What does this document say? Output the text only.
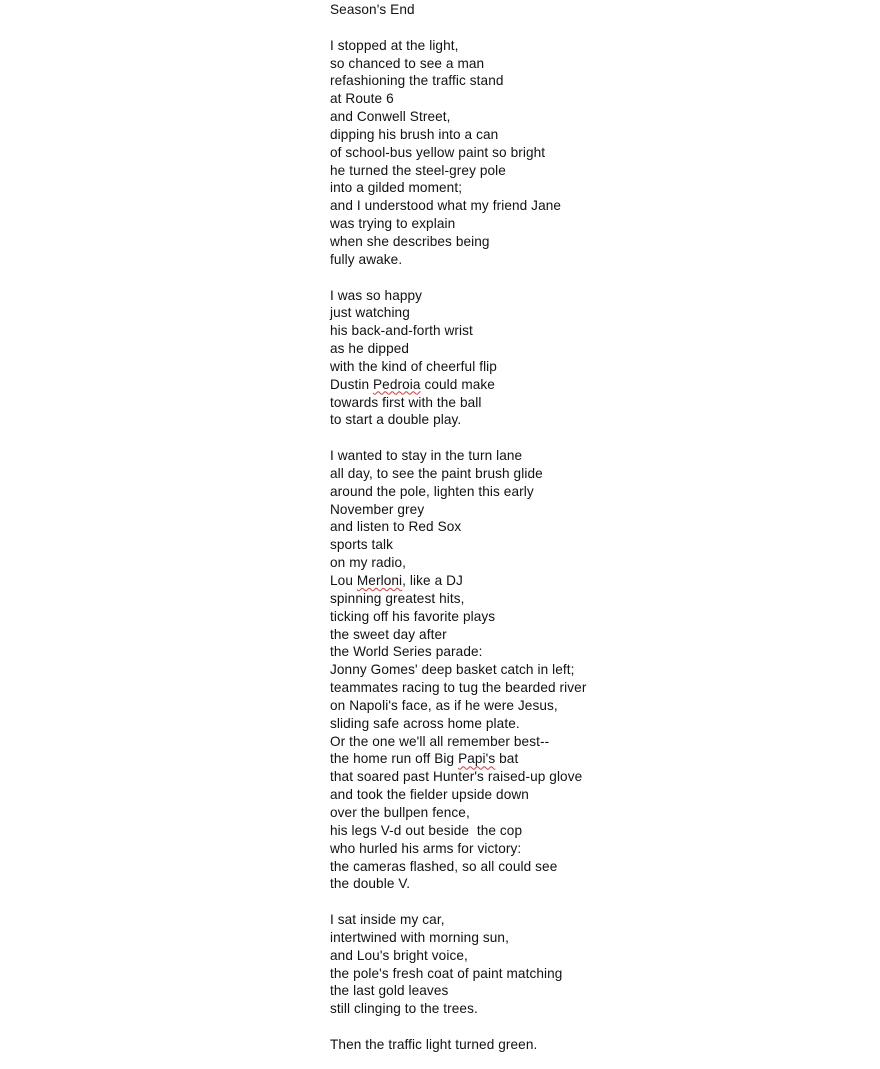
Season's End
I stopped at the light,
so chanced to see a man
refashioning the traffic stand
at Route 6
and Conwell Street,
dipping his brush into a can
of school-bus yellow paint so bright
he turned the steel-grey pole
into a gilded moment;
and I understood what my friend Jane
was trying to explain
when she describes being
fully awake.
I was so happy
just watching
his back-and-forth wrist
as he dipped
with the kind of cheerful flip
Dustin Pedroia could make
towards first with the ball
to start a double play.
I wanted to stay in the turn lane
all day, to see the paint brush glide
around the pole, lighten this early
November grey
and listen to Red Sox
sports talk
on my radio,
Lou Merloni, like a DJ
spinning greatest hits,
ticking off his favorite plays
the sweet day after
the World Series parade:
Jonny Gomes' deep basket catch in left;
teammates racing to tug the bearded river
on Napoli's face, as if he were Jesus,
sliding safe across home plate.
Or the one we'll all remember best--
the home run off Big Papi's bat
that soared past Hunter's raised-up glove
and took the fielder upside down
over the bullpen fence,
his legs V-d out beside  the cop
who hurled his arms for victory:
the cameras flashed, so all could see
the double V.
I sat inside my car,
intertwined with morning sun,
and Lou's bright voice,
the pole's fresh coat of paint matching
the last gold leaves
still clinging to the trees.
Then the traffic light turned green.
